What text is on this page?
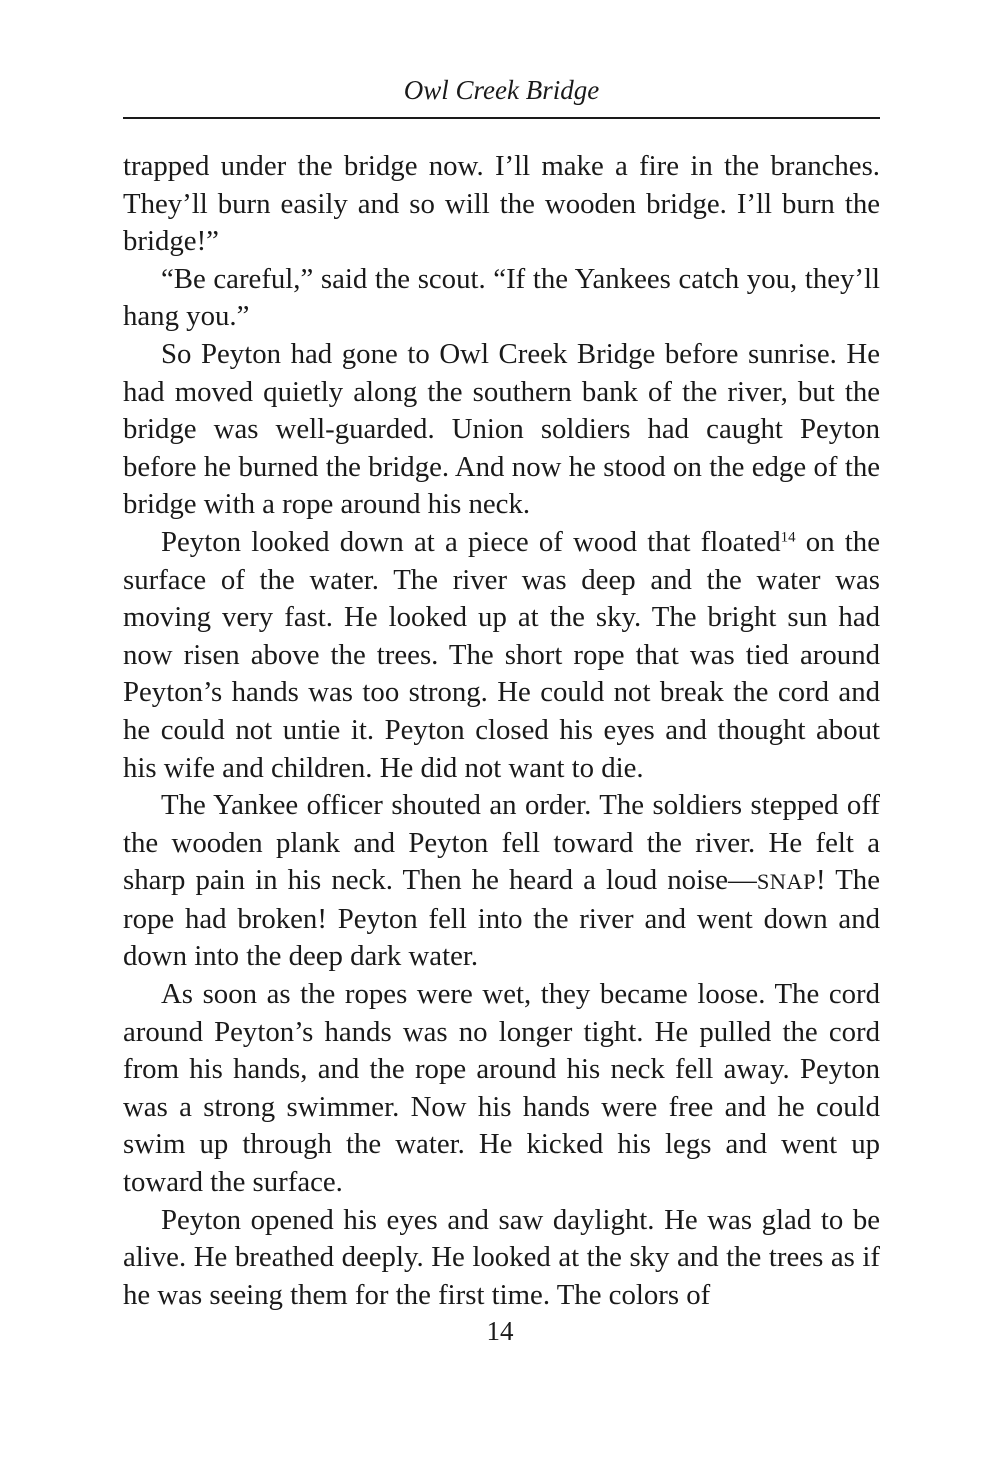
Owl Creek Bridge

trapped under the bridge now. I’ll make a fire in the branches. They’ll burn easily and so will the wooden bridge. I’ll burn the bridge!”

“Be careful,” said the scout. “If the Yankees catch you, they’ll hang you.”

So Peyton had gone to Owl Creek Bridge before sunrise. He had moved quietly along the southern bank of the river, but the bridge was well-guarded. Union soldiers had caught Peyton before he burned the bridge. And now he stood on the edge of the bridge with a rope around his neck.

Peyton looked down at a piece of wood that floated$^{14}$ on the surface of the water. The river was deep and the water was moving very fast. He looked up at the sky. The bright sun had now risen above the trees. The short rope that was tied around Peyton’s hands was too strong. He could not break the cord and he could not untie it. Peyton closed his eyes and thought about his wife and children. He did not want to die.

The Yankee officer shouted an order. The soldiers stepped off the wooden plank and Peyton fell toward the river. He felt a sharp pain in his neck. Then he heard a loud noise—SNAP! The rope had broken! Peyton fell into the river and went down and down into the deep dark water.

As soon as the ropes were wet, they became loose. The cord around Peyton’s hands was no longer tight. He pulled the cord from his hands, and the rope around his neck fell away. Peyton was a strong swimmer. Now his hands were free and he could swim up through the water. He kicked his legs and went up toward the surface.

Peyton opened his eyes and saw daylight. He was glad to be alive. He breathed deeply. He looked at the sky and the trees as if he was seeing them for the first time. The colors of

14
